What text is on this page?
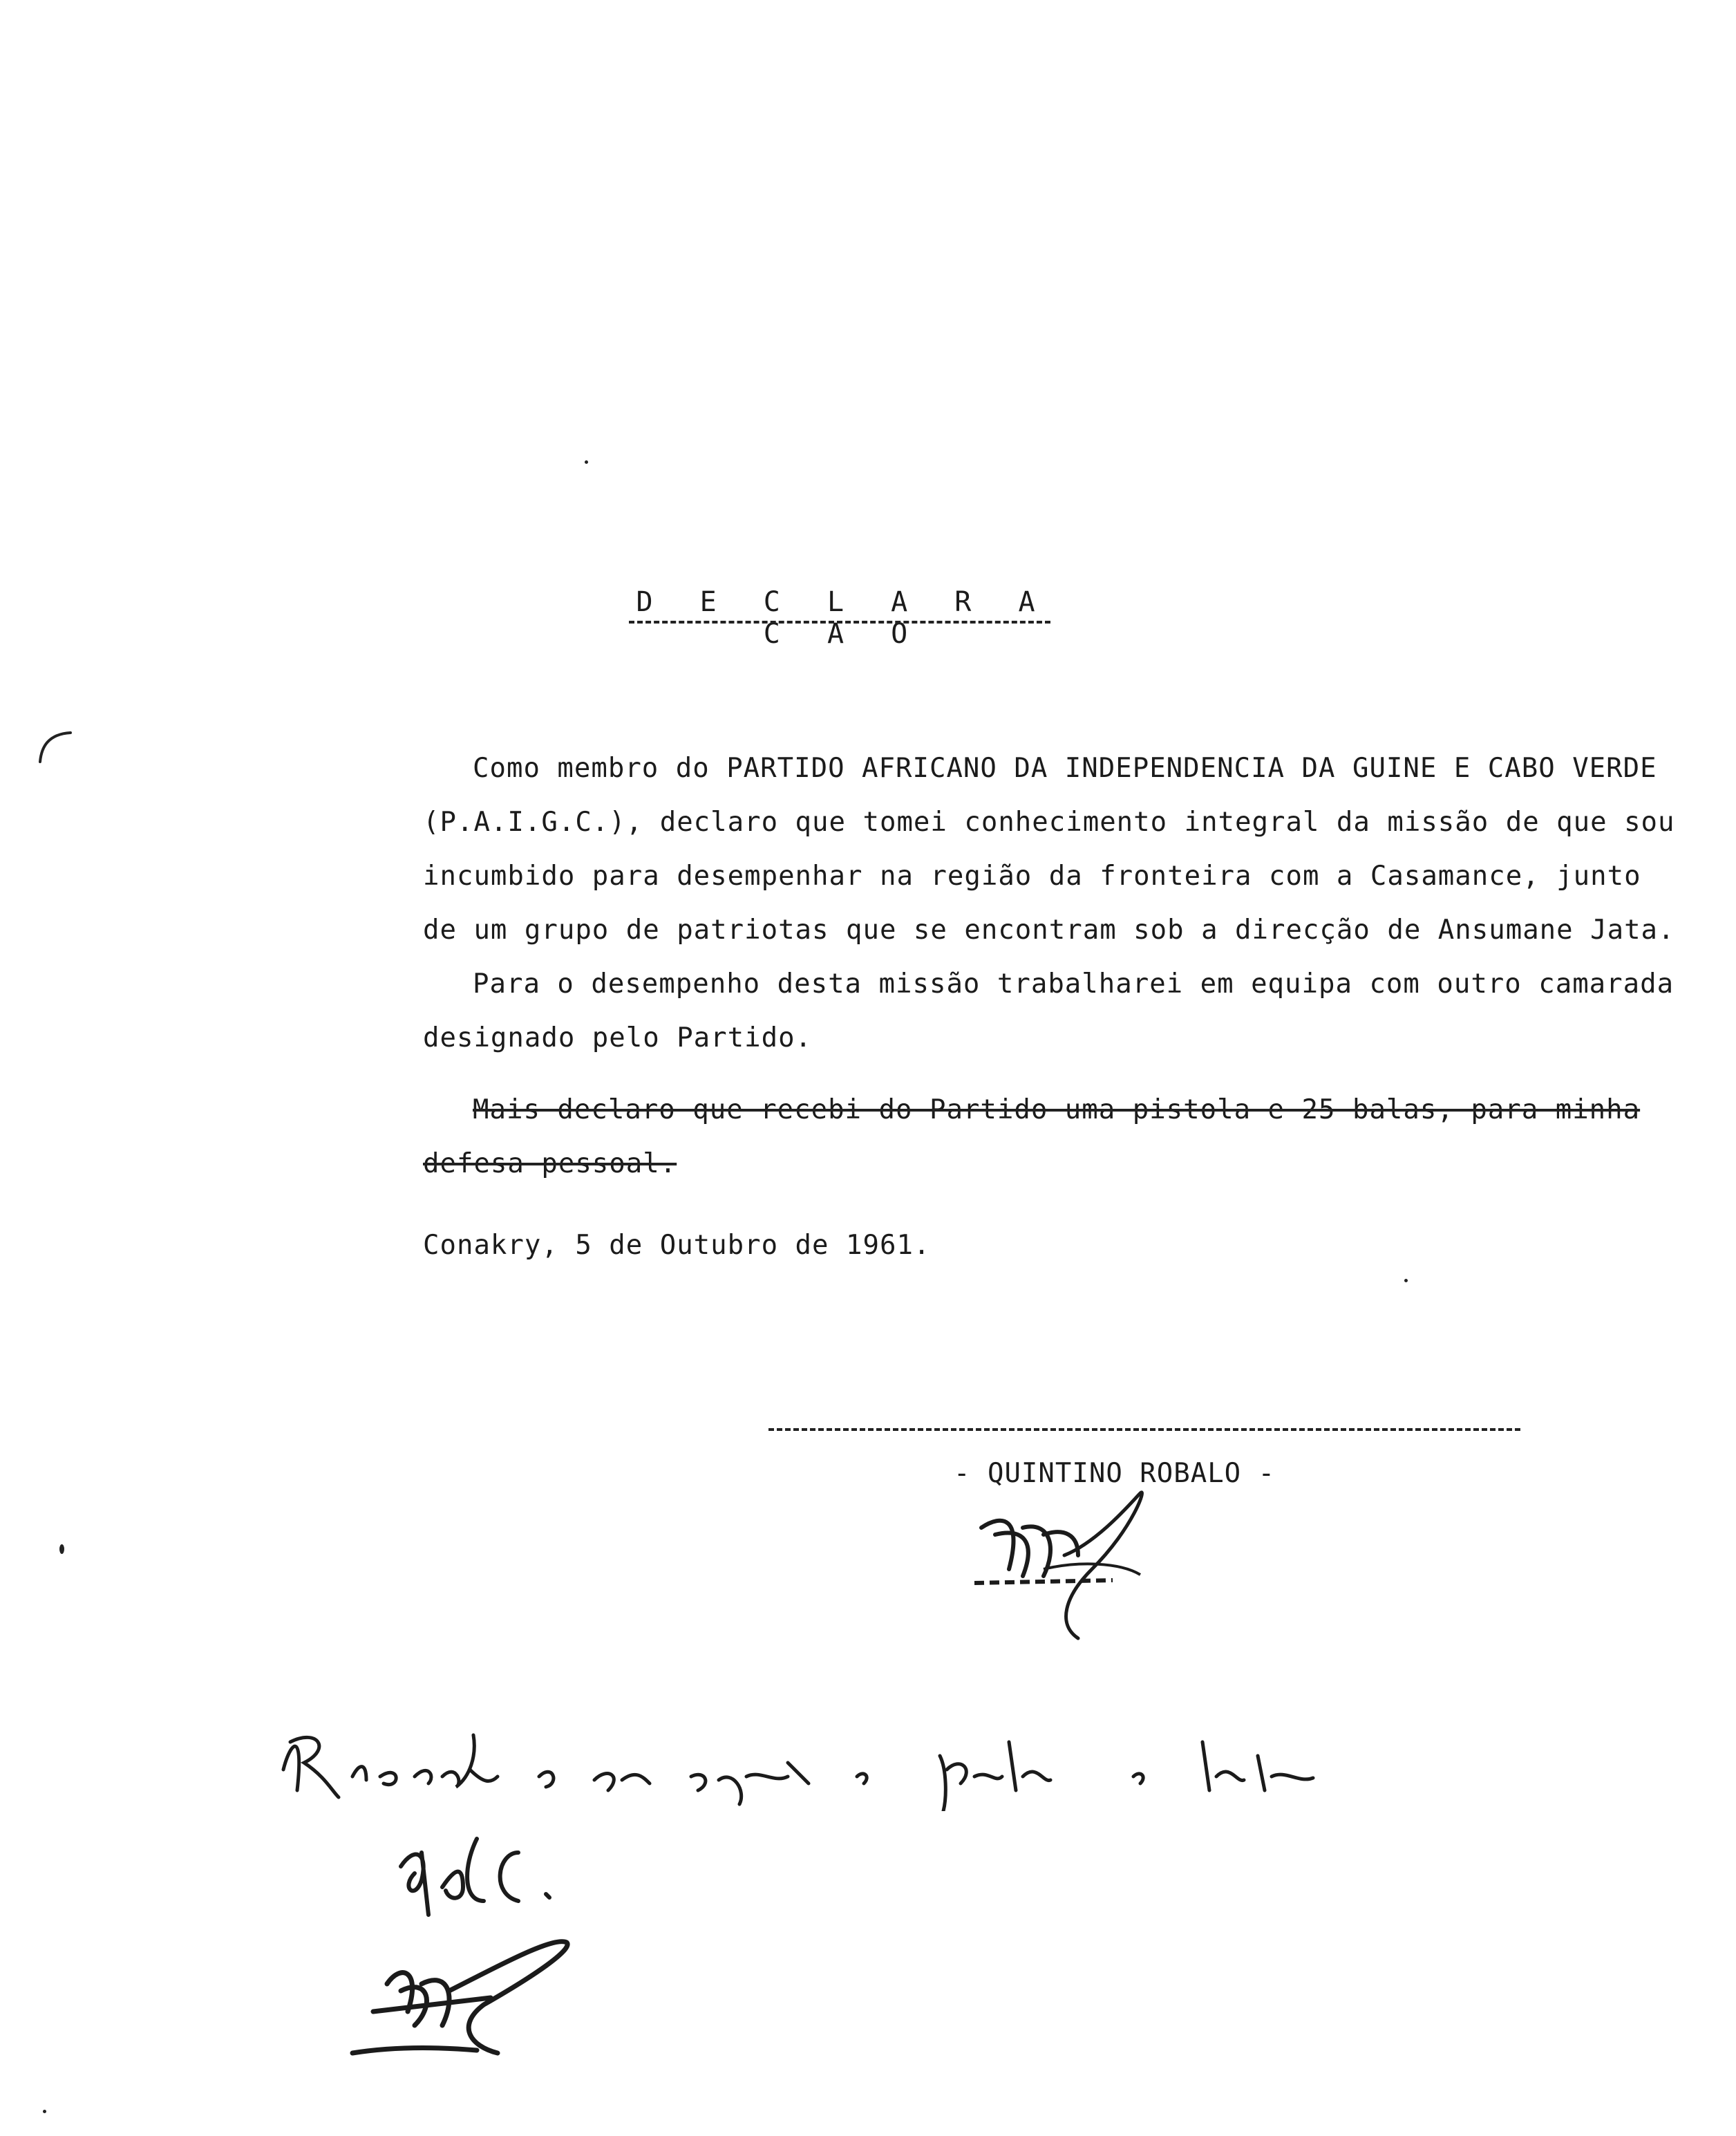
D E C L A R A C A O
Como membro do PARTIDO AFRICANO DA INDEPENDENCIA DA GUINE E CABO VERDE
(P.A.I.G.C.), declaro que tomei conhecimento integral da missão de que sou
incumbido para desempenhar na região da fronteira com a Casamance, junto
de um grupo de patriotas que se encontram sob a direcção de Ansumane Jata.
Para o desempenho desta missão trabalharei em equipa com outro camarada
designado pelo Partido.
Mais declaro que recebi do Partido uma pistola e 25 balas, para minha
defesa pessoal.
Conakry, 5 de Outubro de 1961.
- QUINTINO ROBALO -
